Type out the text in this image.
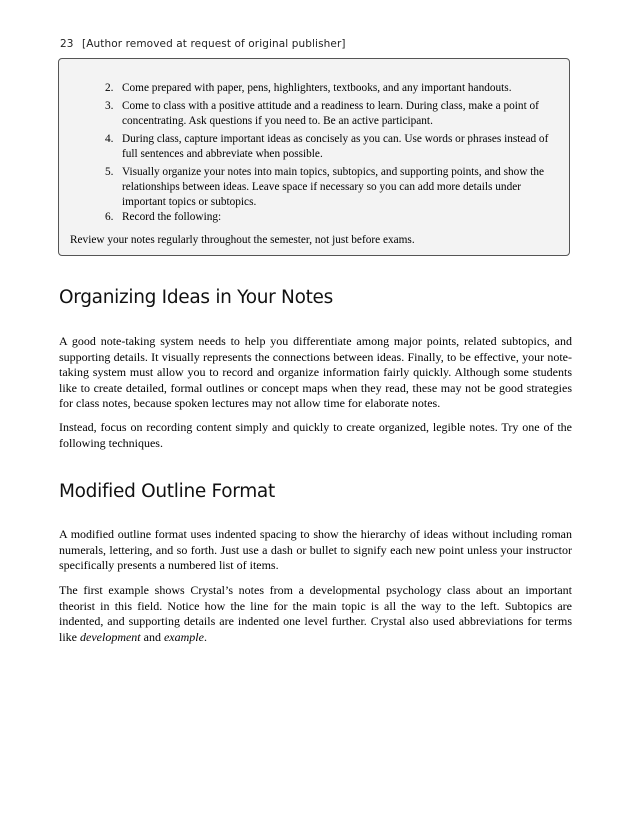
23 [Author removed at request of original publisher]
2. Come prepared with paper, pens, highlighters, textbooks, and any important handouts.
3. Come to class with a positive attitude and a readiness to learn. During class, make a point of concentrating. Ask questions if you need to. Be an active participant.
4. During class, capture important ideas as concisely as you can. Use words or phrases instead of full sentences and abbreviate when possible.
5. Visually organize your notes into main topics, subtopics, and supporting points, and show the relationships between ideas. Leave space if necessary so you can add more details under important topics or subtopics.
6. Record the following:
Review your notes regularly throughout the semester, not just before exams.
Organizing Ideas in Your Notes

A good note-taking system needs to help you differentiate among major points, related subtopics, and supporting details. It visually represents the connections between ideas. Finally, to be effective, your note-taking system must allow you to record and organize information fairly quickly. Although some students like to create detailed, formal outlines or concept maps when they read, these may not be good strategies for class notes, because spoken lectures may not allow time for elaborate notes.

Instead, focus on recording content simply and quickly to create organized, legible notes. Try one of the following techniques.

Modified Outline Format

A modified outline format uses indented spacing to show the hierarchy of ideas without including roman numerals, lettering, and so forth. Just use a dash or bullet to signify each new point unless your instructor specifically presents a numbered list of items.

The first example shows Crystal’s notes from a developmental psychology class about an important theorist in this field. Notice how the line for the main topic is all the way to the left. Subtopics are indented, and supporting details are indented one level further. Crystal also used abbreviations for terms like development and example.
